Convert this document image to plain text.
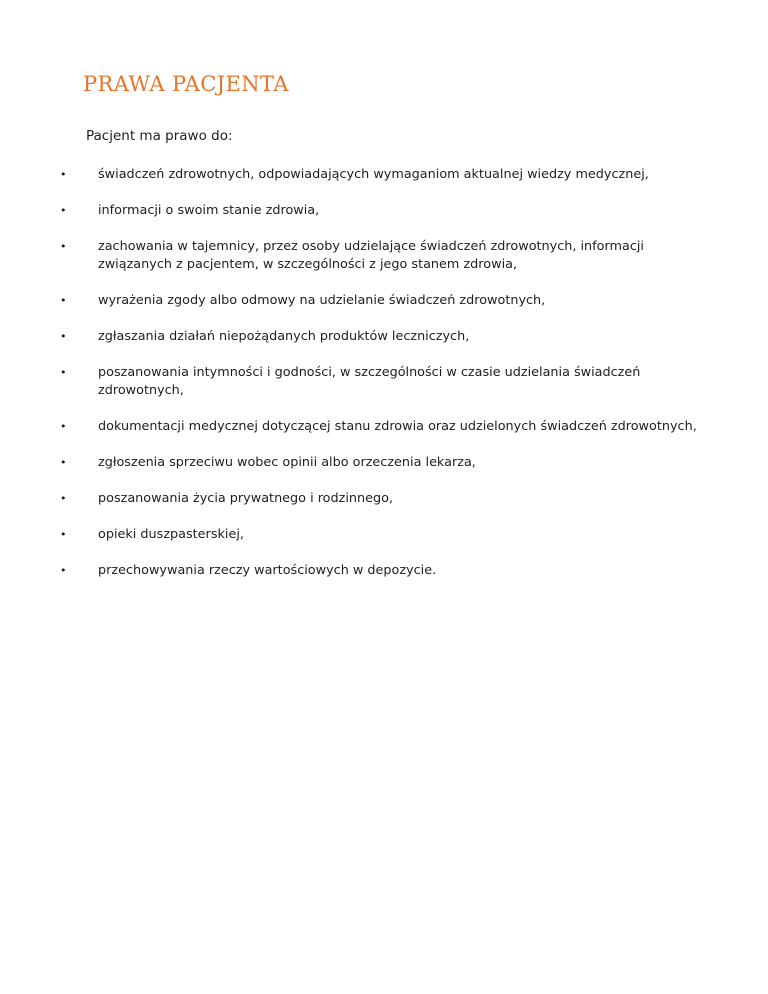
PRAWA PACJENTA

Pacjent ma prawo do:

•	świadczeń zdrowotnych, odpowiadających wymaganiom aktualnej wiedzy medycznej,
•	informacji o swoim stanie zdrowia,
•	zachowania w tajemnicy, przez osoby udzielające świadczeń zdrowotnych, informacji związanych z pacjentem, w szczególności z jego stanem zdrowia,
•	wyrażenia zgody albo odmowy na udzielanie świadczeń zdrowotnych,
•	zgłaszania działań niepożądanych produktów leczniczych,
•	poszanowania intymności i godności, w szczególności w czasie udzielania świadczeń zdrowotnych,
•	dokumentacji medycznej dotyczącej stanu zdrowia oraz udzielonych świadczeń zdrowotnych,
•	zgłoszenia sprzeciwu wobec opinii albo orzeczenia lekarza,
•	poszanowania życia prywatnego i rodzinnego,
•	opieki duszpasterskiej,
•	przechowywania rzeczy wartościowych w depozycie.
